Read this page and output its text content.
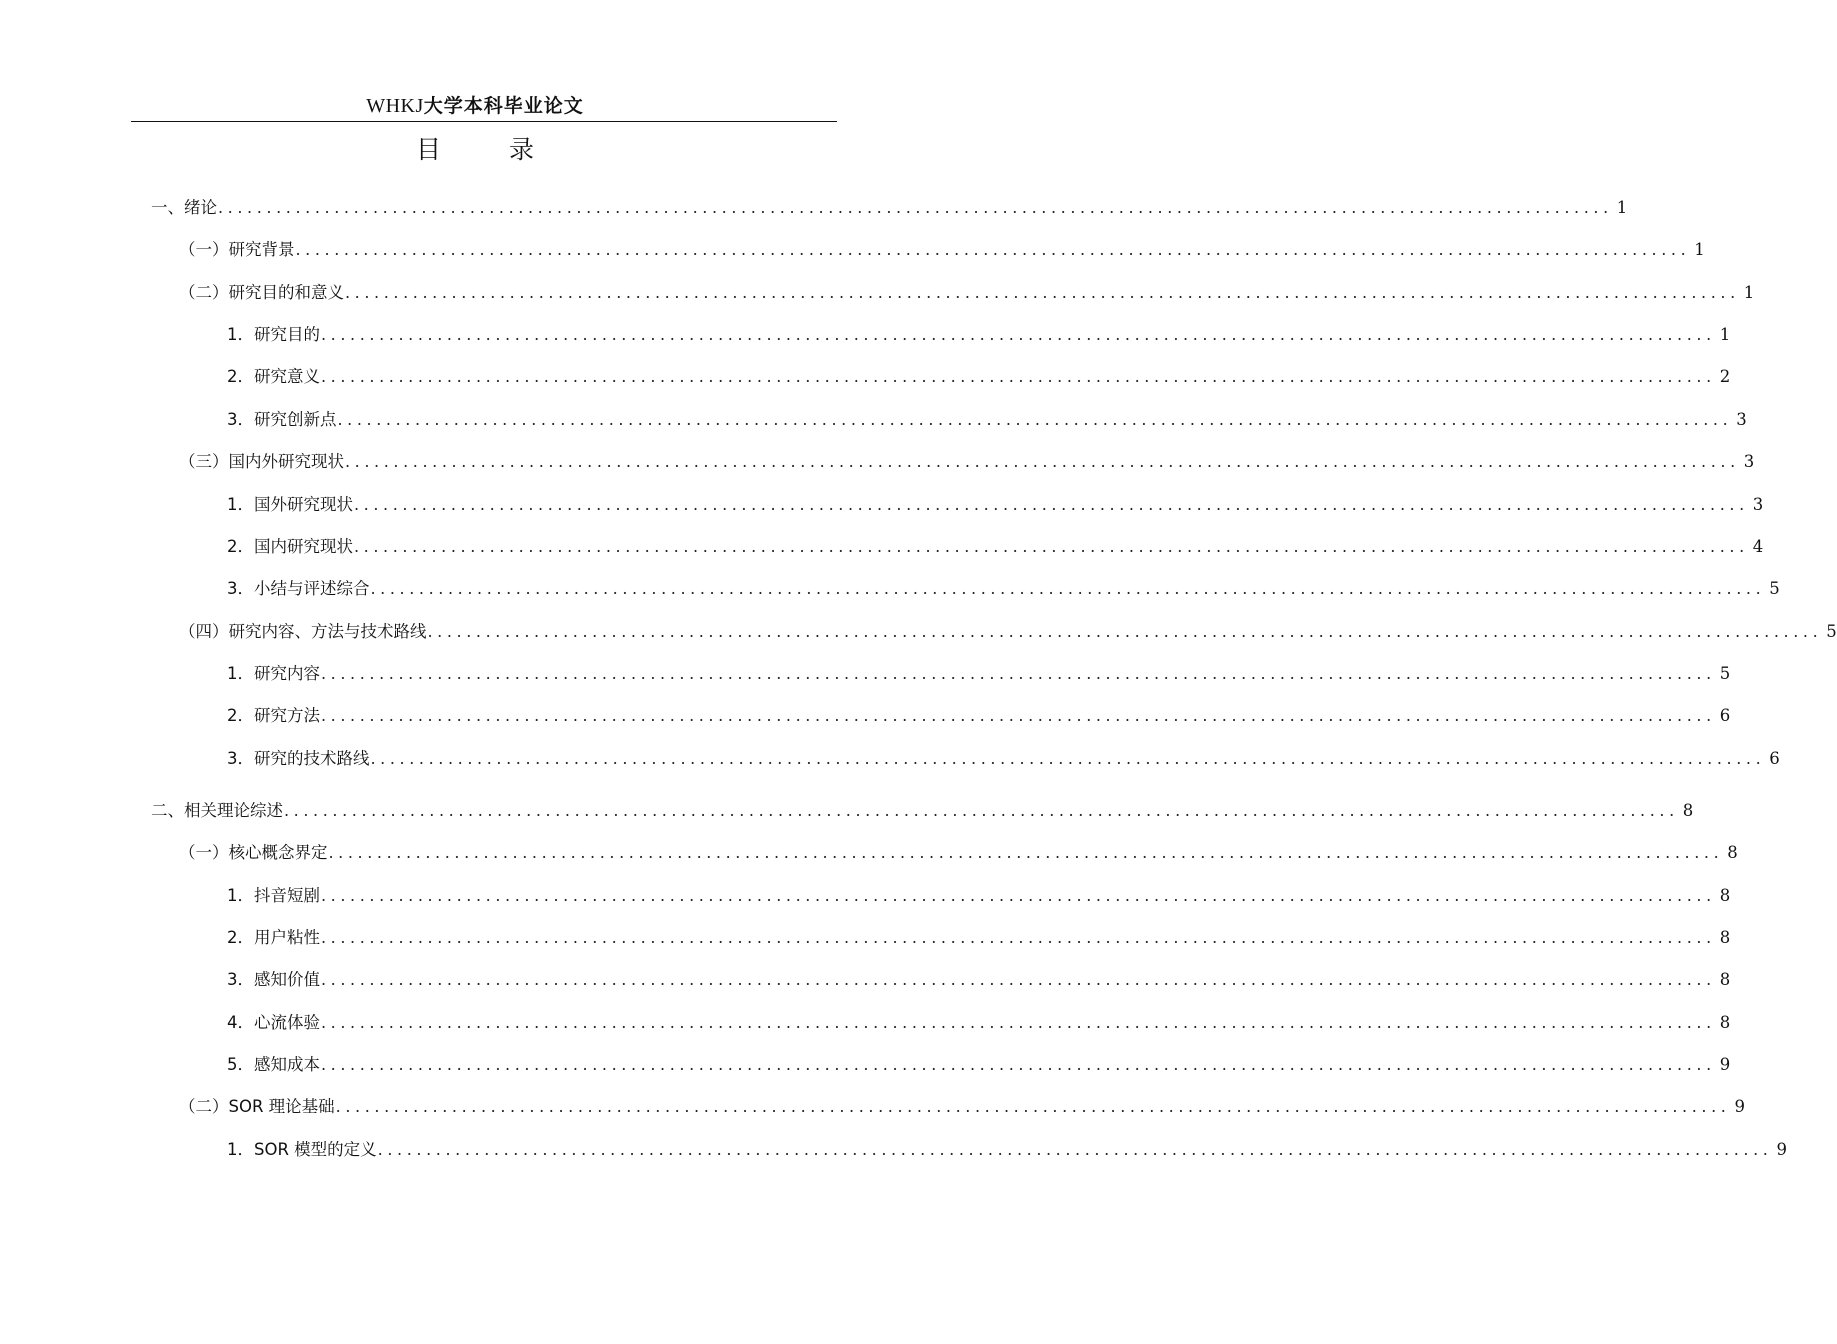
WHKJ大学本科毕业论文
目 录
一、绪论 ................................................................................................................................................ 1
（一）研究背景 ................................................................................................................................................ 1
（二）研究目的和意义 ................................................................................................................................................ 1
1．研究目的 ................................................................................................................................................ 1
2．研究意义 ................................................................................................................................................ 2
3．研究创新点 ................................................................................................................................................ 3
（三）国内外研究现状 ................................................................................................................................................ 3
1．国外研究现状 ................................................................................................................................................ 3
2．国内研究现状 ................................................................................................................................................ 4
3．小结与评述综合 ................................................................................................................................................ 5
（四）研究内容、方法与技术路线 ................................................................................................................................................ 5
1．研究内容 ................................................................................................................................................ 5
2．研究方法 ................................................................................................................................................ 6
3．研究的技术路线 ................................................................................................................................................ 6
二、相关理论综述 ................................................................................................................................................ 8
（一）核心概念界定 ................................................................................................................................................ 8
1．抖音短剧 ................................................................................................................................................ 8
2．用户粘性 ................................................................................................................................................ 8
3．感知价值 ................................................................................................................................................ 8
4．心流体验 ................................................................................................................................................ 8
5．感知成本 ................................................................................................................................................ 9
（二）SOR 理论基础 ................................................................................................................................................ 9
1．SOR 模型的定义 ................................................................................................................................................ 9
